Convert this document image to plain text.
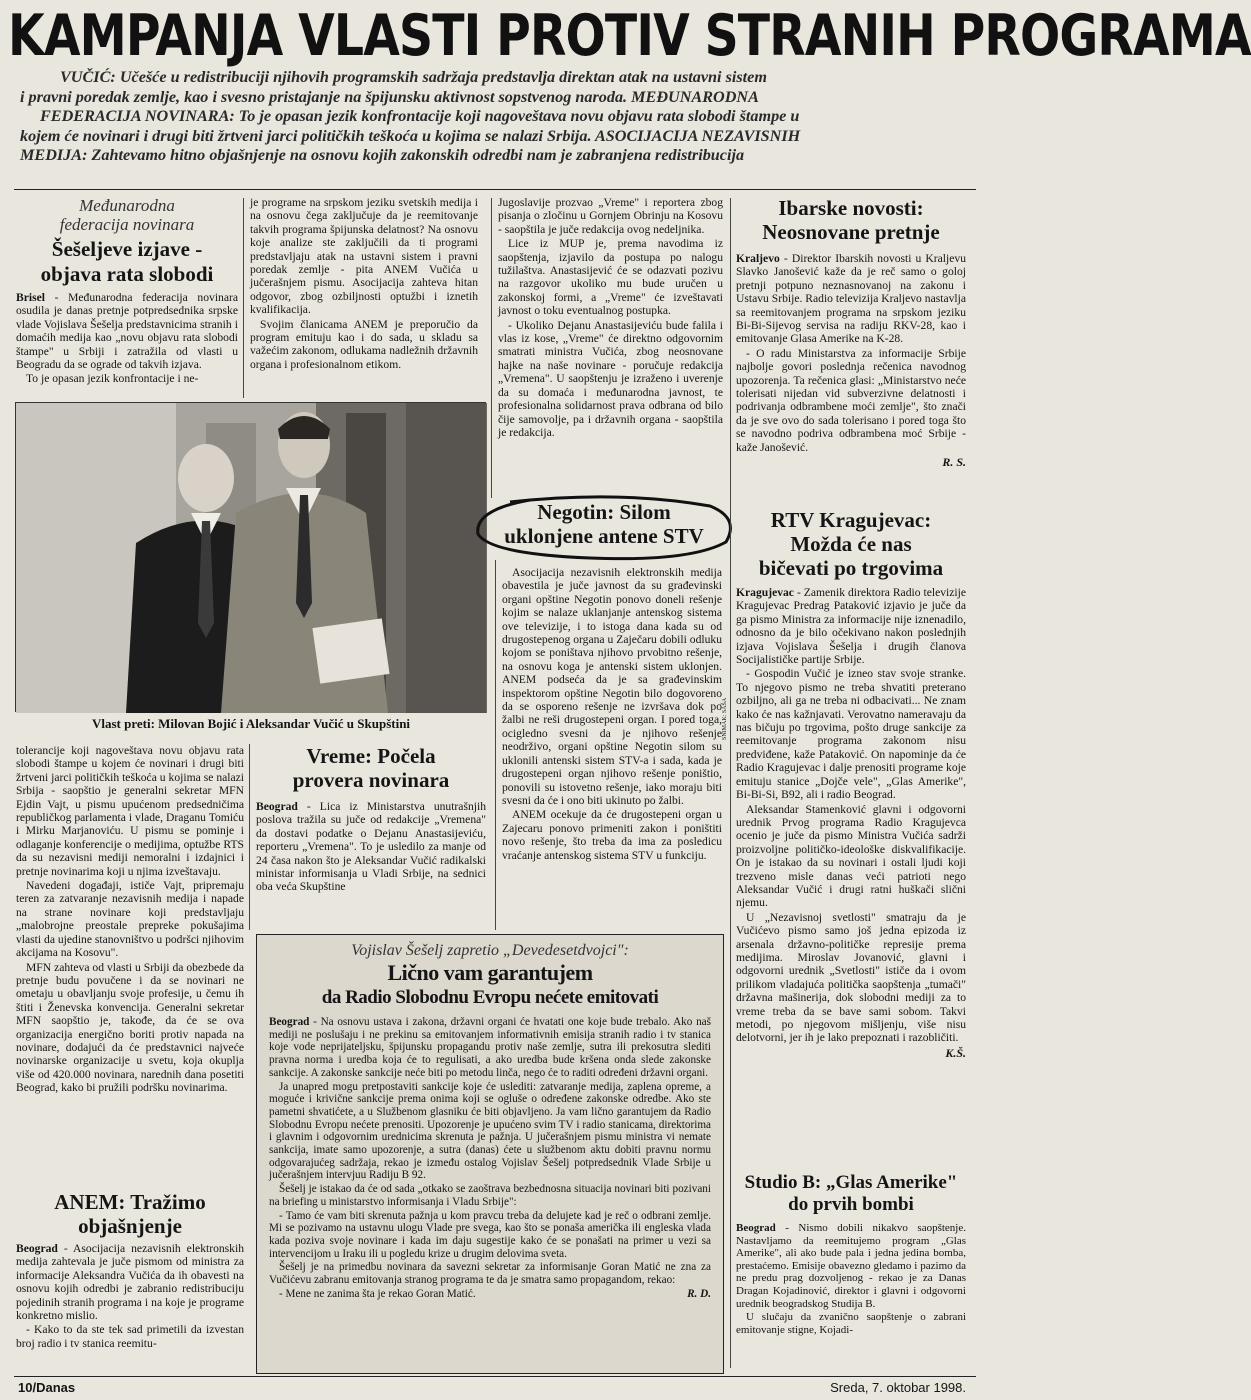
KAMPANJA VLASTI PROTIV STRANIH PROGRAMA
VUČIĆ: Učešće u redistribuciji njihovih programskih sadržaja predstavlja direktan atak na ustavni sistem
i pravni poredak zemlje, kao i svesno pristajanje na špijunsku aktivnost sopstvenog naroda. MEĐUNARODNA
FEDERACIJA NOVINARA: To je opasan jezik konfrontacije koji nagoveštava novu objavu rata slobodi štampe u
kojem će novinari i drugi biti žrtveni jarci političkih teškoća u kojima se nalazi Srbija. ASOCIJACIJA NEZAVISNIH
MEDIJA: Zahtevamo hitno objašnjenje na osnovu kojih zakonskih odredbi nam je zabranjena redistribucija
Međunarodna
federacija novinara
Šešeljeve izjave -
objava rata slobodi

Brisel - Međunarodna federacija novinara osudila je danas pretnje potpredsednika srpske vlade Vojislava Šešelja predstavnicima stranih i domaćih medija kao „novu objavu rata slobodi štampe" u Srbiji i zatražila od vlasti u Beogradu da se ograde od takvih izjava.

To je opasan jezik konfrontacije i ne-

je programe na srpskom jeziku svetskih medija i na osnovu čega zaključuje da je reemitovanje takvih programa špijunska delatnost? Na osnovu koje analize ste zaključili da ti programi predstavljaju atak na ustavni sistem i pravni poredak zemlje - pita ANEM Vučića u jučerašnjem pismu. Asocijacija zahteva hitan odgovor, zbog ozbiljnosti optužbi i iznetih kvalifikacija.

Svojim članicama ANEM je preporučio da program emituju kao i do sada, u skladu sa važećim zakonom, odlukama nadležnih državnih organa i profesionalnom etikom.

Vlast preti: Milovan Bojić i Aleksandar Vučić u Skupštini

tolerancije koji nagoveštava novu objavu rata slobodi štampe u kojem će novinari i drugi biti žrtveni jarci političkih teškoća u kojima se nalazi Srbija - saopštio je generalni sekretar MFN Ejdin Vajt, u pismu upućenom predsedničima republičkog parlamenta i vlade, Draganu Tomiću i Mirku Marjanoviću. U pismu se pominje i odlaganje konferencije o medijima, optužbe RTS da su nezavisni mediji nemoralni i izdajnici i pretnje novinarima koji u njima izveštavaju.

Navedeni događaji, ističe Vajt, pripremaju teren za zatvaranje nezavisnih medija i napade na strane novinare koji predstavljaju „malobrojne preostale prepreke pokušajima vlasti da ujedine stanovništvo u podršci njihovim akcijama na Kosovu".

MFN zahteva od vlasti u Srbiji da obezbede da pretnje budu povučene i da se novinari ne ometaju u obavljanju svoje profesije, u čemu ih štiti i Ženevska konvencija. Generalni sekretar MFN saopštio je, takođe, da će se ova organizacija energično boriti protiv napada na novinare, dodajući da će predstavnici najveće novinarske organizacije u svetu, koja okuplja više od 420.000 novinara, narednih dana posetiti Beograd, kako bi pružili podršku novinarima.

ANEM: Tražimo
objašnjenje

Beograd - Asocijacija nezavisnih elektronskih medija zahtevala je juče pismom od ministra za informacije Aleksandra Vučića da ih obavesti na osnovu kojih odredbi je zabranio redistribuciju pojedinih stranih programa i na koje je programe konkretno mislio.

- Kako to da ste tek sad primetili da izvestan broj radio i tv stanica reemitu-

Vreme: Počela
provera novinara

Beograd - Lica iz Ministarstva unutrašnjih poslova tražila su juče od redakcije „Vremena" da dostavi podatke o Dejanu Anastasijeviću, reporteru „Vremena". To je usledilo za manje od 24 časa nakon što je Aleksandar Vučić radikalski ministar informisanja u Vladi Srbije, na sednici oba veća Skupštine

Jugoslavije prozvao „Vreme" i reportera zbog pisanja o zločinu u Gornjem Obrinju na Kosovu - saopštila je juče redakcija ovog nedeljnika.

Lice iz MUP je, prema navodima iz saopštenja, izjavilo da postupa po nalogu tužilaštva. Anastasijević će se odazvati pozivu na razgovor ukoliko mu bude uručen u zakonskoj formi, a „Vreme" će izveštavati javnost o toku eventualnog postupka.

- Ukoliko Dejanu Anastasijeviću bude falila i vlas iz kose, „Vreme" će direktno odgovornim smatrati ministra Vučića, zbog neosnovane hajke na naše novinare - poručuje redakcija „Vremena". U saopštenju je izraženo i uverenje da su domaća i međunarodna javnost, te profesionalna solidarnost prava odbrana od bilo čije samovolje, pa i državnih organa - saopštila je redakcija.

Negotin: Silom
uklonjene antene STV

Asocijacija nezavisnih elektronskih medija obavestila je juče javnost da su građevinski organi opštine Negotin ponovo doneli rešenje kojim se nalaze uklanjanje antenskog sistema ove televizije, i to istoga dana kada su od drugostepenog organa u Zaječaru dobili odluku kojom se poništava njihovo prvobitno rešenje, na osnovu koga je antenski sistem uklonjen. ANEM podseća da je sa građevinskim inspektorom opštine Negotin bilo dogovoreno da se osporeno rešenje ne izvršava dok po žalbi ne reši drugostepeni organ. I pored toga, ocigledno svesni da je njihovo rešenje neodrživo, organi opštine Negotin silom su uklonili antenski sistem STV-a i sada, kada je drugostepeni organ njihovo rešenje poništio, ponovili su istovetno rešenje, iako moraju biti svesni da će i ono biti ukinuto po žalbi.

ANEM ocekuje da će drugostepeni organ u Zajecaru ponovo primeniti zakon i poništiti novo rešenje, što treba da ima za posledicu vraćanje antenskog sistema STV u funkciju.

SNIMAK: SAŠA
Ibarske novosti:
Neosnovane pretnje

Kraljevo - Direktor Ibarskih novosti u Kraljevu Slavko Janošević kaže da je reč samo o goloj pretnji potpuno neznasnovanoj na zakonu i Ustavu Srbije. Radio televizija Kraljevo nastavlja sa reemitovanjem programa na srpskom jeziku Bi-Bi-Sijevog servisa na radiju RKV-28, kao i emitovanje Glasa Amerike na K-28.

- O radu Ministarstva za informacije Srbije najbolje govori poslednja rečenica navodnog upozorenja. Ta rečenica glasi: „Ministarstvo neće tolerisati nijedan vid subverzivne delatnosti i podrivanja odbrambene moći zemlje", što znači da je sve ovo do sada tolerisano i pored toga što se navodno podriva odbrambena moć Srbije - kaže Janošević.

R. S.

RTV Kragujevac:
Možda će nas
bičevati po trgovima

Kragujevac - Zamenik direktora Radio televizije Kragujevac Predrag Pataković izjavio je juče da ga pismo Ministra za informacije nije iznenadilo, odnosno da je bilo očekivano nakon poslednjih izjava Vojislava Šešelja i drugih članova Socijalističke partije Srbije.

- Gospodin Vučić je izneo stav svoje stranke. To njegovo pismo ne treba shvatiti preterano ozbiljno, ali ga ne treba ni odbacivati... Ne znam kako će nas kažnjavati. Verovatno nameravaju da nas bičuju po trgovima, pošto druge sankcije za reemitovanje programa zakonom nisu predviđene, kaže Pataković. On napominje da će Radio Kragujevac i dalje prenositi programe koje emituju stanice „Dojče vele", „Glas Amerike", Bi-Bi-Si, B92, ali i radio Beograd.

Aleksandar Stamenković glavni i odgovorni urednik Prvog programa Radio Kragujevca ocenio je juče da pismo Ministra Vučića sadrži proizvoljne političko-ideološke diskvalifikacije. On je istakao da su novinari i ostali ljudi koji trezveno misle danas veći patrioti nego Aleksandar Vučić i drugi ratni huškači slični njemu.

U „Nezavisnoj svetlosti" smatraju da je Vučićevo pismo samo još jedna epizoda iz arsenala državno-političke represije prema medijima. Miroslav Jovanović, glavni i odgovorni urednik „Svetlosti" ističe da i ovom prilikom vladajuća politička saopštenja „tumači" državna mašinerija, dok slobodni mediji za to vreme treba da se bave sami sobom. Takvi metodi, po njegovom mišljenju, više nisu delotvorni, jer ih je lako prepoznati i razobličiti.

K.Š.

Studio B: „Glas Amerike"
do prvih bombi

Beograd - Nismo dobili nikakvo saopštenje. Nastavljamo da reemitujemo program „Glas Amerike", ali ako bude pala i jedna jedina bomba, prestaćemo. Emisije obavezno gledamo i pazimo da ne predu prag dozvoljenog - rekao je za Danas Dragan Kojadinović, direktor i glavni i odgovorni urednik beogradskog Studija B.

U slučaju da zvanično saopštenje o zabrani emitovanje stigne, Kojadi-

Vojislav Šešelj zapretio „Devedesetdvojci":
Lično vam garantujem
da Radio Slobodnu Evropu nećete emitovati

Beograd - Na osnovu ustava i zakona, državni organi će hvatati one koje bude trebalo. Ako naš mediji ne poslušaju i ne prekinu sa emitovanjem informativnih emisija stranih radio i tv stanica koje vode neprijateljsku, špijunsku propagandu protiv naše zemlje, sutra ili prekosutra slediti pravna norma i uredba koja će to regulisati, a ako uredba bude kršena onda slede zakonske sankcije. A zakonske sankcije neće biti po metodu linča, nego će to raditi određeni državni organi.

Ja unapred mogu pretpostaviti sankcije koje će uslediti: zatvaranje medija, zaplena opreme, a moguće i krivične sankcije prema onima koji se oglušе o određene zakonske odredbe. Ako ste pametni shvatićete, a u Službenom glasniku će biti objavljeno. Ja vam lično garantujem da Radio Slobodnu Evropu nećete prenositi. Upozorenje je upućeno svim TV i radio stanicama, direktorima i glavnim i odgovornim urednicima skrenuta je pažnja. U jučerašnjem pismu ministra vi nemate sankcija, imate samo upozorenje, a sutra (danas) ćete u službenom aktu dobiti pravnu normu odgovarajućeg sadržaja, rekao je između ostalog Vojislav Šešelj potpredsednik Vlade Srbije u jučerašnjem intervjuu Radiju B 92.

Šešelj je istakao da će od sada „otkako se zaoštrava bezbednosna situacija novinari biti pozivani na briefing u ministarstvo informisanja i Vladu Srbije":

- Tamo će vam biti skrenuta pažnja u kom pravcu treba da delujete kad je reč o odbrani zemlje. Mi se pozivamo na ustavnu ulogu Vlade pre svega, kao što se ponaša američka ili engleska vlada kada poziva svoje novinare i kada im daju sugestije kako će se ponašati na primer u vezi sa intervencijom u Iraku ili u pogledu krize u drugim delovima sveta.

Šešelj je na primedbu novinara da savezni sekretar za informisanje Goran Matić ne zna za Vučićevu zabranu emitovanja stranog programa te da je smatra samo propagandom, rekao:

- Mene ne zanima šta je rekao Goran Matić.	R. D.

10/Danas	Sreda, 7. oktobar 1998.
